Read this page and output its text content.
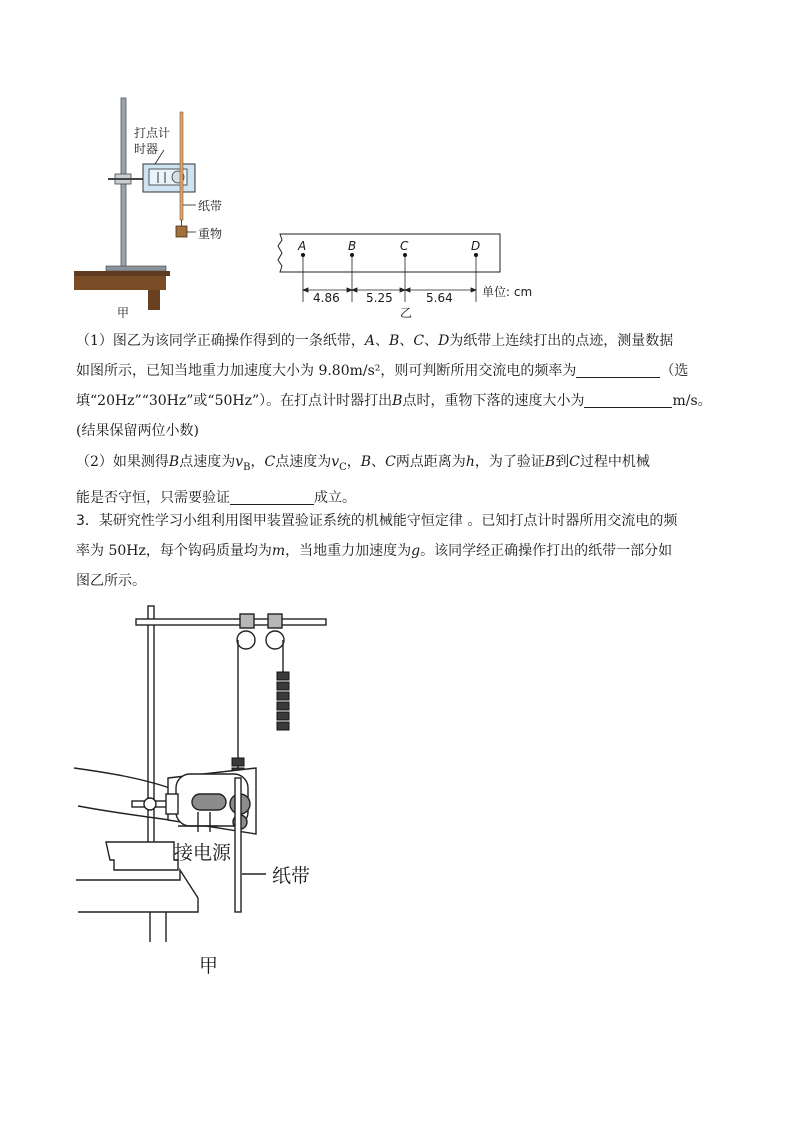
打点计
时器
纸带
重物
甲
A	B	C	D
4.86 5.25	5.64 单位: cm
乙
（1）图乙为该同学正确操作得到的一条纸带，A、B、C、D为纸带上连续打出的点迹，测量数据
如图所示，已知当地重力加速度大小为 9.80m/s²，则可判断所用交流电的频率为	（选
填“20Hz”“30Hz”或“50Hz”）。在打点计时器打出B点时，重物下落的速度大小为	m/s。
(结果保留两位小数)
（2）如果测得B点速度为$v_B$，C点速度为$v_C$，B、C两点距离为h，为了验证B到C过程中机械
能是否守恒，只需要验证	成立。
3．某研究性学习小组利用图甲装置验证系统的机械能守恒定律 。已知打点计时器所用交流电的频
率为 50Hz，每个钩码质量均为m，当地重力加速度为g。该同学经正确操作打出的纸带一部分如
图乙所示。
接电源
纸带
甲
